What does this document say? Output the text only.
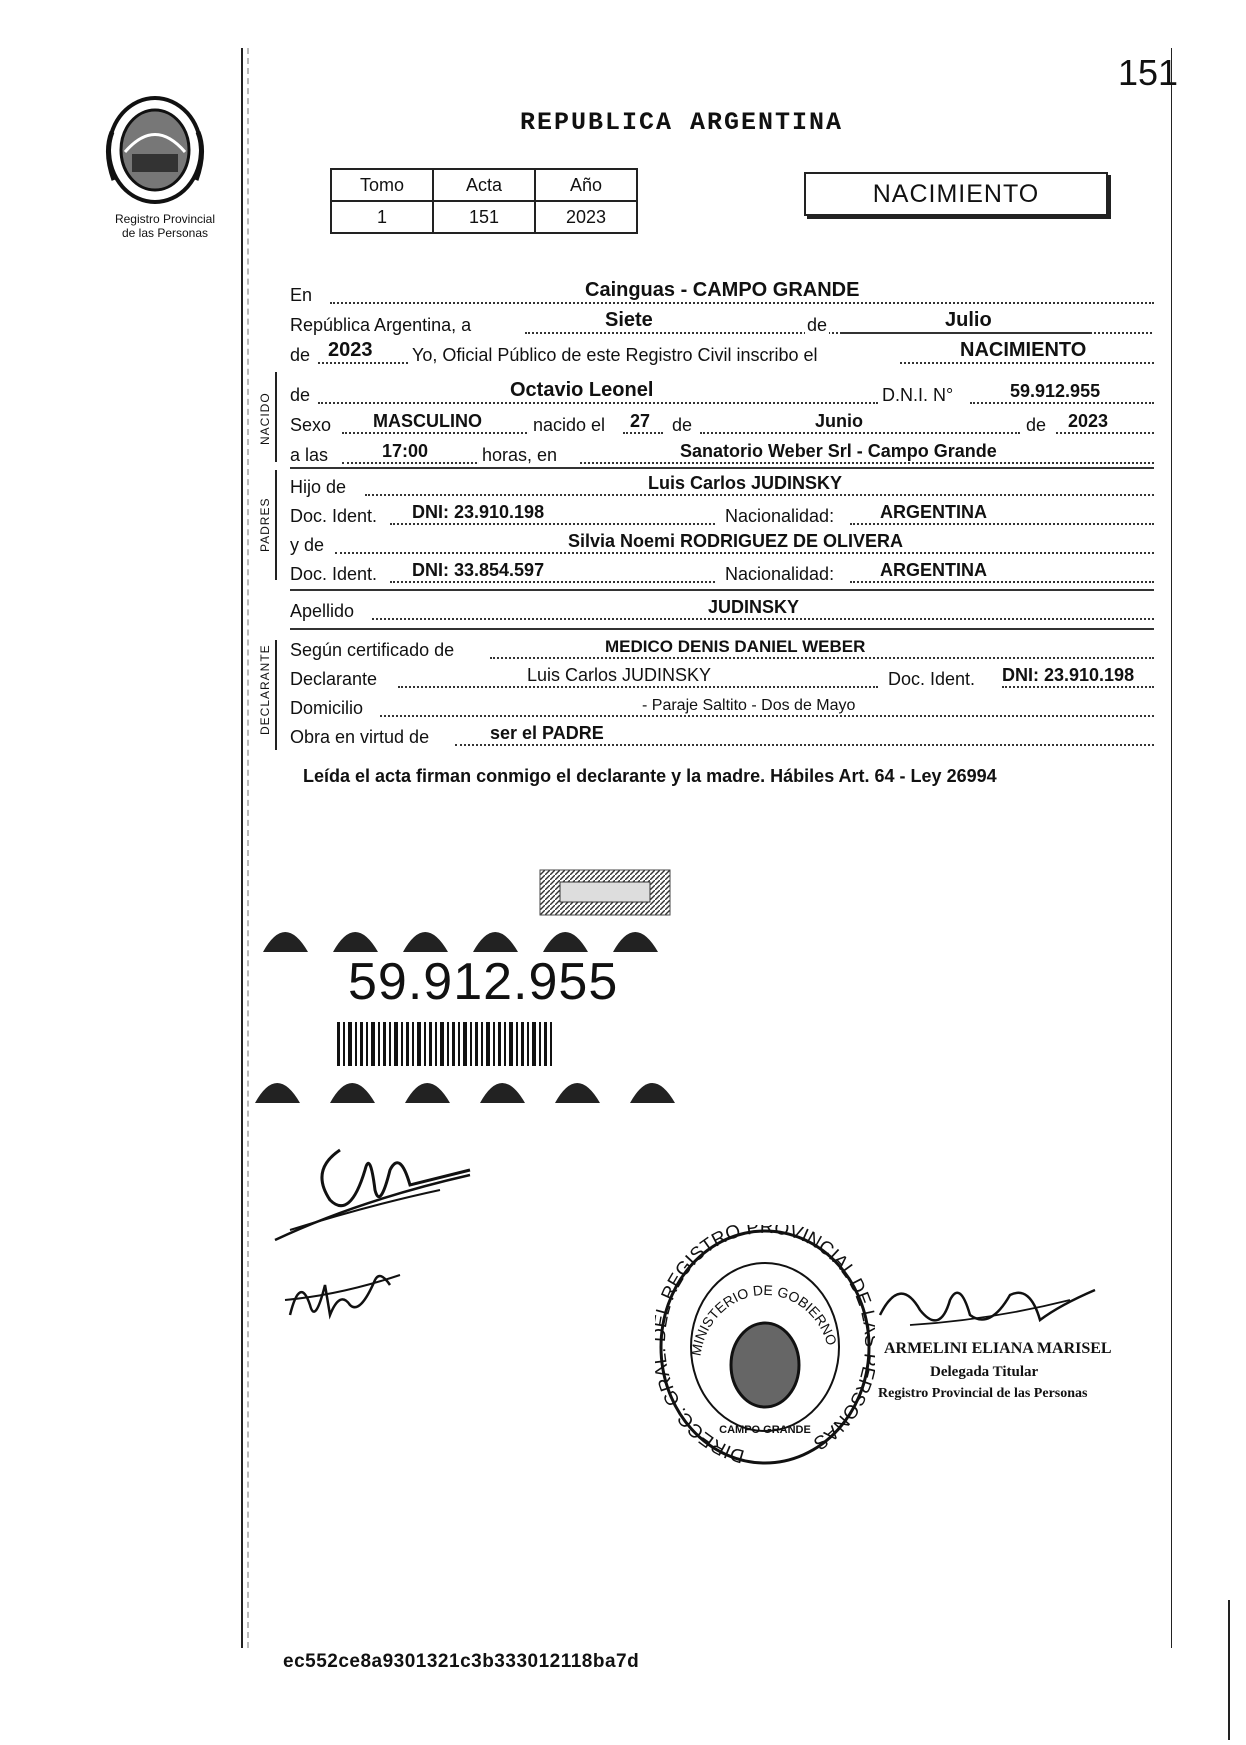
Registro Provincial
de las Personas
151
REPUBLICA ARGENTINA
Tomo	Acta	Año
1	151	2023
NACIMIENTO
NACIDO
PADRES
DECLARANTE
En	Cainguas - CAMPO GRANDE
República Argentina, a	Siete	de	Julio
de 2023 Yo, Oficial Público de este Registro Civil inscribo el	NACIMIENTO
de	Octavio Leonel	D.N.I. N°	59.912.955
Sexo MASCULINO	nacido el 27 de	Junio	de 2023
a las	17:00	horas, en	Sanatorio Weber Srl - Campo Grande
Hijo de	Luis Carlos JUDINSKY
Doc. Ident. DNI: 23.910.198	Nacionalidad:	ARGENTINA
y de	Silvia Noemi RODRIGUEZ DE OLIVERA
Doc. Ident. DNI: 33.854.597	Nacionalidad:	ARGENTINA
Apellido	JUDINSKY
Según certificado de	MEDICO DENIS DANIEL WEBER
Declarante	Luis Carlos JUDINSKY	Doc. Ident. DNI: 23.910.198
Domicilio	- Paraje Saltito - Dos de Mayo
Obra en virtud de	ser el PADRE
Leída el acta firman conmigo el declarante y la madre. Hábiles Art. 64 - Ley 26994
59.912.955
DIRECC. GR REGISTRO PROVINCIAL DE RSONAS
MINISTERIO DE GOBIERNO
CAMPO GRANDE
ARMELINI ELIANA MARISEL
Delegada Titular
Registro Provincial de las Personas
ec552ce8a9301321c3b333012118ba7d
